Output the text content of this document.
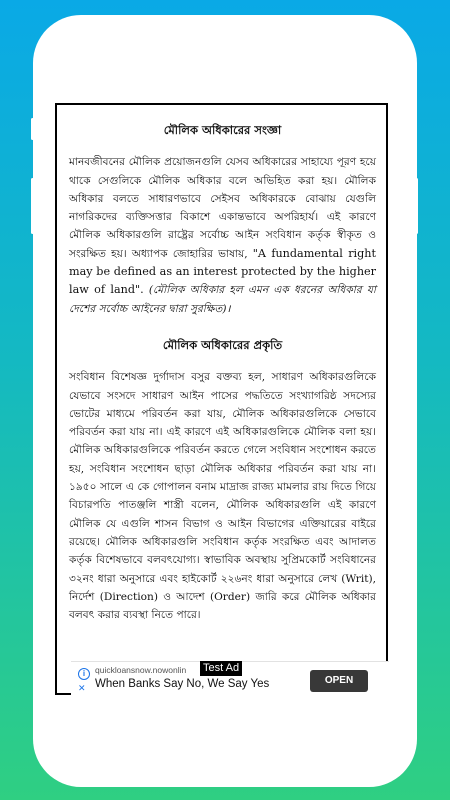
মৌলিক অধিকারের সংজ্ঞা

মানবজীবনের মৌলিক প্রয়োজনগুলি যেসব অধিকারের সাহায্যে পূরণ হয়ে থাকে সেগুলিকে মৌলিক অধিকার বলে অভিহিত করা হয়। মৌলিক অধিকার বলতে সাধারণভাবে সেইসব অধিকারকে বোঝায় যেগুলি নাগরিকদের ব্যক্তিসত্তার বিকাশে একান্তভাবে অপরিহার্য। এই কারণে মৌলিক অধিকারগুলি রাষ্ট্রের সর্বোচ্চ আইন সংবিধান কর্তৃক স্বীকৃত ও সংরক্ষিত হয়। অধ্যাপক জোহারির ভাষায়, "A fundamental right may be defined as an interest protected by the higher law of land". (মৌলিক অধিকার হল এমন এক ধরনের অধিকার যা দেশের সর্বোচ্চ আইনের দ্বারা সুরক্ষিত)।

মৌলিক অধিকারের প্রকৃতি

সংবিধান বিশেষজ্ঞ দুর্গাদাস বসুর বক্তব্য হল, সাধারণ অধিকারগুলিকে যেভাবে সংসদে সাধারণ আইন পাসের পদ্ধতিতে সংখ্যাগরিষ্ঠ সদস্যের ভোটের মাধ্যমে পরিবর্তন করা যায়, মৌলিক অধিকারগুলিকে সেভাবে পরিবর্তন করা যায় না। এই কারণে এই অধিকারগুলিকে মৌলিক বলা হয়। মৌলিক অধিকারগুলিকে পরিবর্তন করতে গেলে সংবিধান সংশোধন করতে হয়, সংবিধান সংশোধন ছাড়া মৌলিক অধিকার পরিবর্তন করা যায় না। ১৯৫০ সালে এ কে গোপালন বনাম মাদ্রাজ রাজ্য মামলার রায় দিতে গিয়ে বিচারপতি পাতঞ্জলি শাস্ত্রী বলেন, মৌলিক অধিকারগুলি এই কারণে মৌলিক যে এগুলি শাসন বিভাগ ও আইন বিভাগের এক্তিয়ারের বাইরে রয়েছে। মৌলিক অধিকারগুলি সংবিধান কর্তৃক সংরক্ষিত এবং আদালত কর্তৃক বিশেষভাবে বলবৎযোগ্য। স্বাভাবিক অবস্থায় সুপ্রিমকোর্ট সংবিধানের ৩২নং ধারা অনুসারে এবং হাইকোর্ট ২২৬নং ধারা অনুসারে লেখ (Writ), নির্দেশ (Direction) ও আদেশ (Order) জারি করে মৌলিক অধিকার বলবৎ করার ব্যবস্থা নিতে পারে।

Test Ad
i
✕
quickloansnow.nowonlin
When Banks Say No, We Say Yes	OPEN
